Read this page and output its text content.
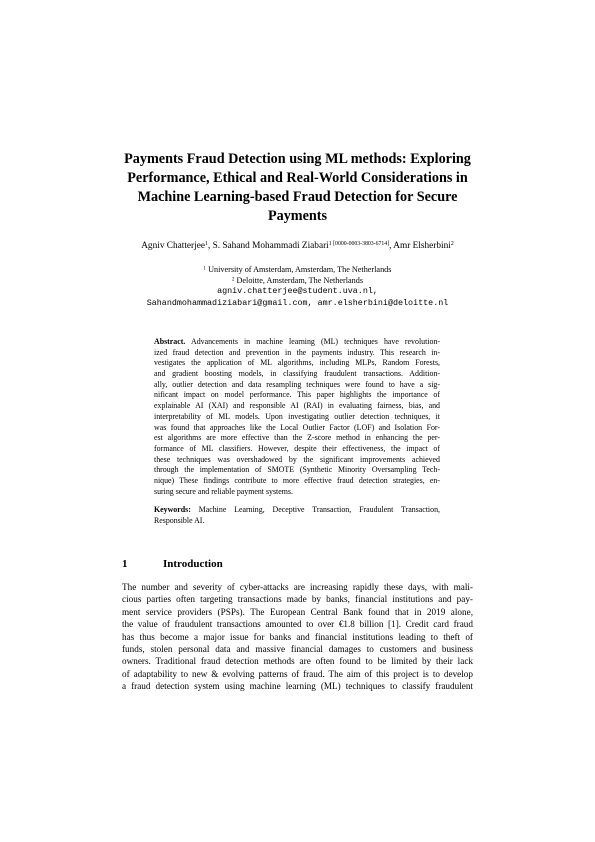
Payments Fraud Detection using ML methods: Exploring
Performance, Ethical and Real-World Considerations in
Machine Learning-based Fraud Detection for Secure
Payments
Agniv Chatterjee$^1$, S. Sahand Mohammadi Ziabari$^{1 [0000-0003-3803-6714]}$, Amr Elsherbini$^2$
$^1$ University of Amsterdam, Amsterdam, The Netherlands
$^2$ Deloitte, Amsterdam, The Netherlands
agniv.chatterjee@student.uva.nl,
Sahandmohammadiziabari@gmail.com, amr.elsherbini@deloitte.nl
Abstract. Advancements in machine learning (ML) techniques have revolution-
ized fraud detection and prevention in the payments industry. This research in-
vestigates the application of ML algorithms, including MLPs, Random Forests,
and gradient boosting models, in classifying fraudulent transactions. Addition-
ally, outlier detection and data resampling techniques were found to have a sig-
nificant impact on model performance. This paper highlights the importance of
explainable AI (XAI) and responsible AI (RAI) in evaluating fairness, bias, and
interpretability of ML models. Upon investigating outlier detection techniques, it
was found that approaches like the Local Outlier Factor (LOF) and Isolation For-
est algorithms are more effective than the Z-score method in enhancing the per-
formance of ML classifiers. However, despite their effectiveness, the impact of
these techniques was overshadowed by the significant improvements achieved
through the implementation of SMOTE (Synthetic Minority Oversampling Tech-
nique) These findings contribute to more effective fraud detection strategies, en-
suring secure and reliable payment systems.
Keywords: Machine Learning, Deceptive Transaction, Fraudulent Transaction,
Responsible AI.
1	Introduction
The number and severity of cyber-attacks are increasing rapidly these days, with mali-
cious parties often targeting transactions made by banks, financial institutions and pay-
ment service providers (PSPs). The European Central Bank found that in 2019 alone,
the value of fraudulent transactions amounted to over €1.8 billion [1]. Credit card fraud
has thus become a major issue for banks and financial institutions leading to theft of
funds, stolen personal data and massive financial damages to customers and business
owners. Traditional fraud detection methods are often found to be limited by their lack
of adaptability to new & evolving patterns of fraud. The aim of this project is to develop
a fraud detection system using machine learning (ML) techniques to classify fraudulent
